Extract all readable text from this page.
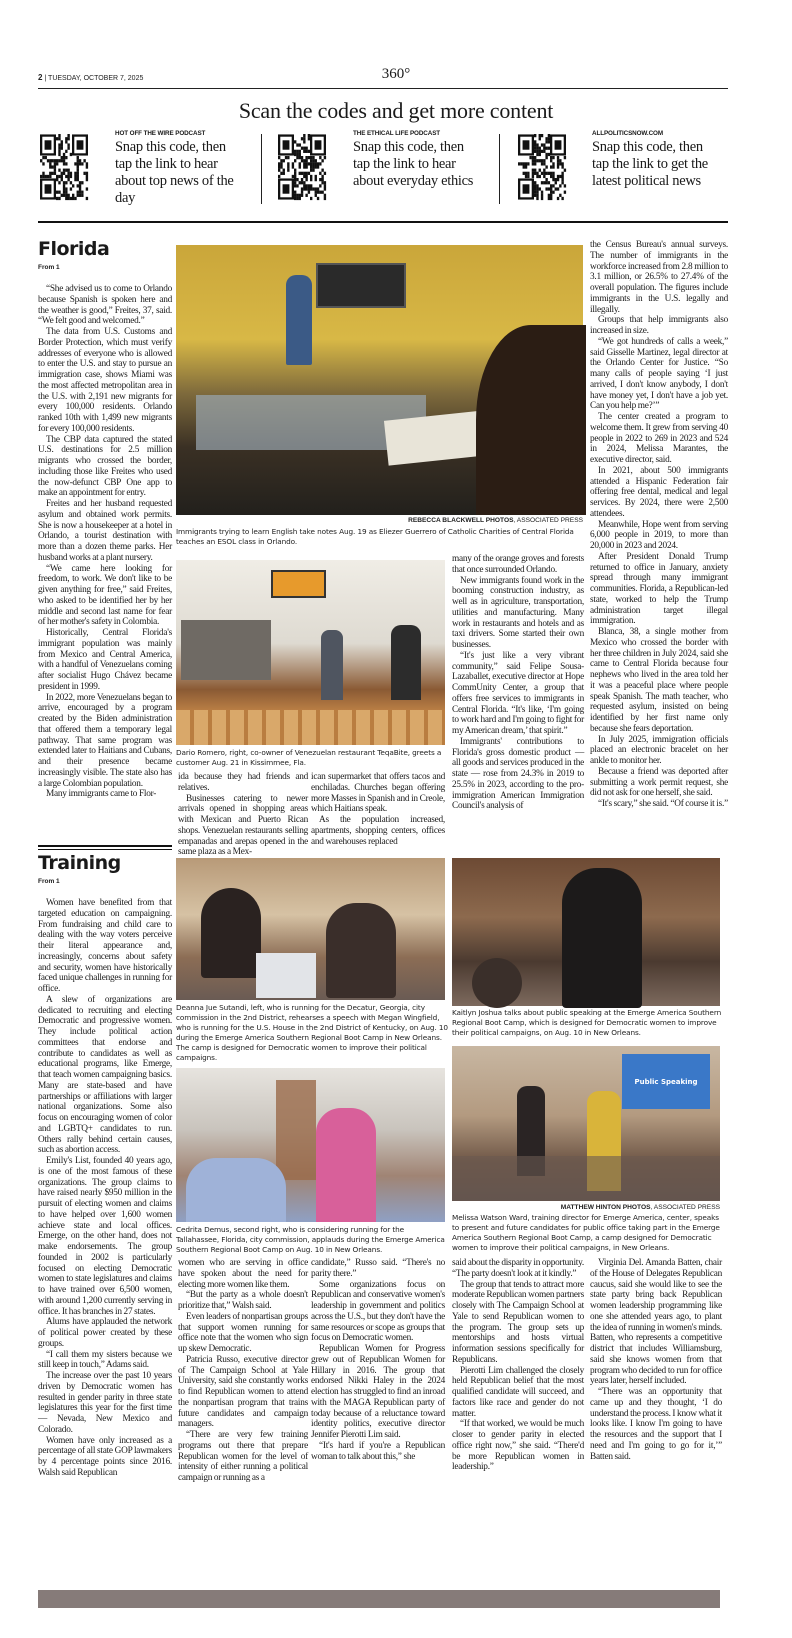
2 | TUESDAY, OCTOBER 7, 2025	360°
Scan the codes and get more content
HOT OFF THE WIRE PODCAST
Snap this code, then tap the link to hear about top news of the day
THE ETHICAL LIFE PODCAST
Snap this code, then tap the link to hear about everyday ethics
ALLPOLITICSNOW.COM
Snap this code, then tap the link to get the latest political news
Florida
From 1

“She advised us to come to Orlando because Spanish is spoken here and the weather is good,” Freites, 37, said. “We felt good and welcomed.”

The data from U.S. Customs and Border Protection, which must verify addresses of everyone who is allowed to enter the U.S. and stay to pursue an immigration case, shows Miami was the most affected metropolitan area in the U.S. with 2,191 new migrants for every 100,000 residents. Orlando ranked 10th with 1,499 new migrants for every 100,000 residents.

The CBP data captured the stated U.S. destinations for 2.5 million migrants who crossed the border, including those like Freites who used the now-defunct CBP One app to make an appointment for entry.

Freites and her husband requested asylum and obtained work permits. She is now a housekeeper at a hotel in Orlando, a tourist destination with more than a dozen theme parks. Her husband works at a plant nursery.

“We came here looking for freedom, to work. We don't like to be given anything for free,” said Freites, who asked to be identified her by her middle and second last name for fear of her mother's safety in Colombia.

Historically, Central Florida's immigrant population was mainly from Mexico and Central America, with a handful of Venezuelans coming after socialist Hugo Chávez became president in 1999.

In 2022, more Venezuelans began to arrive, encouraged by a program created by the Biden administration that offered them a temporary legal pathway. That same program was extended later to Haitians and Cubans, and their presence became increasingly visible. The state also has a large Colombian population.

Many immigrants came to Flor-

REBECCA BLACKWELL PHOTOS, ASSOCIATED PRESS
Immigrants trying to learn English take notes Aug. 19 as Eliezer Guerrero of Catholic Charities of Central Florida teaches an ESOL class in Orlando.
Dario Romero, right, co-owner of Venezuelan restaurant TeqaBite, greets a customer Aug. 21 in Kissimmee, Fla.

ida because they had friends and relatives.

Businesses catering to newer arrivals opened in shopping areas with Mexican and Puerto Rican shops. Venezuelan restaurants selling empanadas and arepas opened in the same plaza as a Mex-

ican supermarket that offers tacos and enchiladas. Churches began offering more Masses in Spanish and in Creole, which Haitians speak.

As the population increased, apartments, shopping centers, offices and warehouses replaced

many of the orange groves and forests that once surrounded Orlando.

New immigrants found work in the booming construction industry, as well as in agriculture, transportation, utilities and manufacturing. Many work in restaurants and hotels and as taxi drivers. Some started their own businesses.

“It's just like a very vibrant community,” said Felipe Sousa-Lazaballet, executive director at Hope CommUnity Center, a group that offers free services to immigrants in Central Florida. “It's like, ‘I'm going to work hard and I'm going to fight for my American dream,’ that spirit.”

Immigrants' contributions to Florida's gross domestic product — all goods and services produced in the state — rose from 24.3% in 2019 to 25.5% in 2023, according to the pro-immigration American Immigration Council's analysis of

the Census Bureau's annual surveys. The number of immigrants in the workforce increased from 2.8 million to 3.1 million, or 26.5% to 27.4% of the overall population. The figures include immigrants in the U.S. legally and illegally.

Groups that help immigrants also increased in size.

“We got hundreds of calls a week,” said Gisselle Martinez, legal director at the Orlando Center for Justice. “So many calls of people saying ‘I just arrived, I don't know anybody, I don't have money yet, I don't have a job yet. Can you help me?’”

The center created a program to welcome them. It grew from serving 40 people in 2022 to 269 in 2023 and 524 in 2024, Melissa Marantes, the executive director, said.

In 2021, about 500 immigrants attended a Hispanic Federation fair offering free dental, medical and legal services. By 2024, there were 2,500 attendees.

Meanwhile, Hope went from serving 6,000 people in 2019, to more than 20,000 in 2023 and 2024.

After President Donald Trump returned to office in January, anxiety spread through many immigrant communities. Florida, a Republican-led state, worked to help the Trump administration target illegal immigration.

Blanca, 38, a single mother from Mexico who crossed the border with her three children in July 2024, said she came to Central Florida because four nephews who lived in the area told her it was a peaceful place where people speak Spanish. The math teacher, who requested asylum, insisted on being identified by her first name only because she fears deportation.

In July 2025, immigration officials placed an electronic bracelet on her ankle to monitor her.

Because a friend was deported after submitting a work permit request, she did not ask for one herself, she said.

“It's scary,” she said. “Of course it is.”

Training
From 1

Women have benefited from that targeted education on campaigning. From fundraising and child care to dealing with the way voters perceive their literal appearance and, increasingly, concerns about safety and security, women have historically faced unique challenges in running for office.

A slew of organizations are dedicated to recruiting and electing Democratic and progressive women. They include political action committees that endorse and contribute to candidates as well as educational programs, like Emerge, that teach women campaigning basics. Many are state-based and have partnerships or affiliations with larger national organizations. Some also focus on encouraging women of color and LGBTQ+ candidates to run. Others rally behind certain causes, such as abortion access.

Emily's List, founded 40 years ago, is one of the most famous of these organizations. The group claims to have raised nearly $950 million in the pursuit of electing women and claims to have helped over 1,600 women achieve state and local offices. Emerge, on the other hand, does not make endorsements. The group founded in 2002 is particularly focused on electing Democratic women to state legislatures and claims to have trained over 6,500 women, with around 1,200 currently serving in office. It has branches in 27 states.

Alums have applauded the network of political power created by these groups.

“I call them my sisters because we still keep in touch,” Adams said.

The increase over the past 10 years driven by Democratic women has resulted in gender parity in three state legislatures this year for the first time — Nevada, New Mexico and Colorado.

Women have only increased as a percentage of all state GOP lawmakers by 4 percentage points since 2016. Walsh said Republican

Deanna Jue Sutandi, left, who is running for the Decatur, Georgia, city commission in the 2nd District, rehearses a speech with Megan Wingfield, who is running for the U.S. House in the 2nd District of Kentucky, on Aug. 10 during the Emerge America Southern Regional Boot Camp in New Orleans. The camp is designed for Democratic women to improve their political campaigns.
Kaitlyn Joshua talks about public speaking at the Emerge America Southern Regional Boot Camp, which is designed for Democratic women to improve their political campaigns, on Aug. 10 in New Orleans.
Cedrita Demus, second right, who is considering running for the Tallahassee, Florida, city commission, applauds during the Emerge America Southern Regional Boot Camp on Aug. 10 in New Orleans.
Public Speaking
MATTHEW HINTON PHOTOS, ASSOCIATED PRESS
Melissa Watson Ward, training director for Emerge America, center, speaks to present and future candidates for public office taking part in the Emerge America Southern Regional Boot Camp, a camp designed for Democratic women to improve their political campaigns, in New Orleans.

women who are serving in office have spoken about the need for electing more women like them.

“But the party as a whole doesn't prioritize that,” Walsh said.

Even leaders of nonpartisan groups that support women running for office note that the women who sign up skew Democratic.

Patricia Russo, executive director of The Campaign School at Yale University, said she constantly works to find Republican women to attend the nonpartisan program that trains future candidates and campaign managers.

“There are very few training programs out there that prepare Republican women for the level of intensity of either running a political campaign or running as a

candidate,” Russo said. “There's no parity there.”

Some organizations focus on Republican and conservative women's leadership in government and politics across the U.S., but they don't have the same resources or scope as groups that focus on Democratic women.

Republican Women for Progress grew out of Republican Women for Hillary in 2016. The group that endorsed Nikki Haley in the 2024 election has struggled to find an inroad with the MAGA Republican party of today because of a reluctance toward identity politics, executive director Jennifer Pierotti Lim said.

“It's hard if you're a Republican woman to talk about this,” she

said about the disparity in opportunity. “The party doesn't look at it kindly.”

The group that tends to attract more moderate Republican women partners closely with The Campaign School at Yale to send Republican women to the program. The group sets up mentorships and hosts virtual information sessions specifically for Republicans.

Pierotti Lim challenged the closely held Republican belief that the most qualified candidate will succeed, and factors like race and gender do not matter.

“If that worked, we would be much closer to gender parity in elected office right now,” she said. “There'd be more Republican women in leadership.”

Virginia Del. Amanda Batten, chair of the House of Delegates Republican caucus, said she would like to see the state party bring back Republican women leadership programming like one she attended years ago, to plant the idea of running in women's minds. Batten, who represents a competitive district that includes Williamsburg, said she knows women from that program who decided to run for office years later, herself included.

“There was an opportunity that came up and they thought, ‘I do understand the process. I know what it looks like. I know I'm going to have the resources and the support that I need and I'm going to go for it,’” Batten said.
